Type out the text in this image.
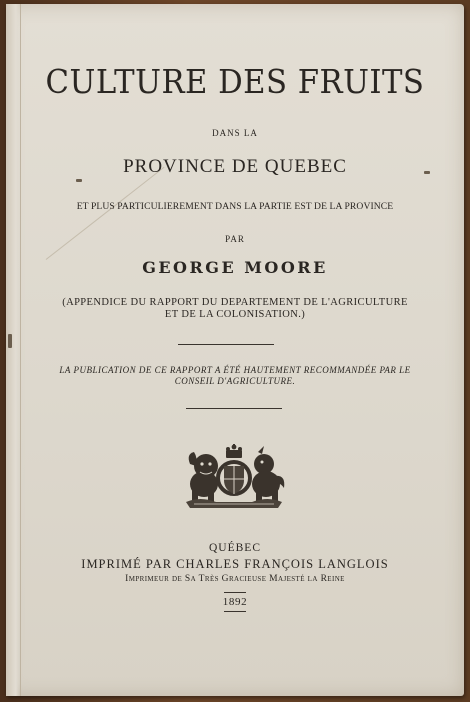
CULTURE DES FRUITS
DANS LA
PROVINCE DE QUEBEC
ET PLUS PARTICULIEREMENT DANS LA PARTIE EST DE LA PROVINCE
PAR
GEORGE MOORE
(APPENDICE DU RAPPORT DU DEPARTEMENT DE L'AGRICULTURE
ET DE LA COLONISATION.)
LA PUBLICATION DE CE RAPPORT A ÉTÉ HAUTEMENT RECOMMANDÉE PAR LE
CONSEIL D'AGRICULTURE.
QUÉBEC
IMPRIMÉ PAR CHARLES FRANÇOIS LANGLOIS
Imprimeur de Sa Très Gracieuse Majesté la Reine
1892
